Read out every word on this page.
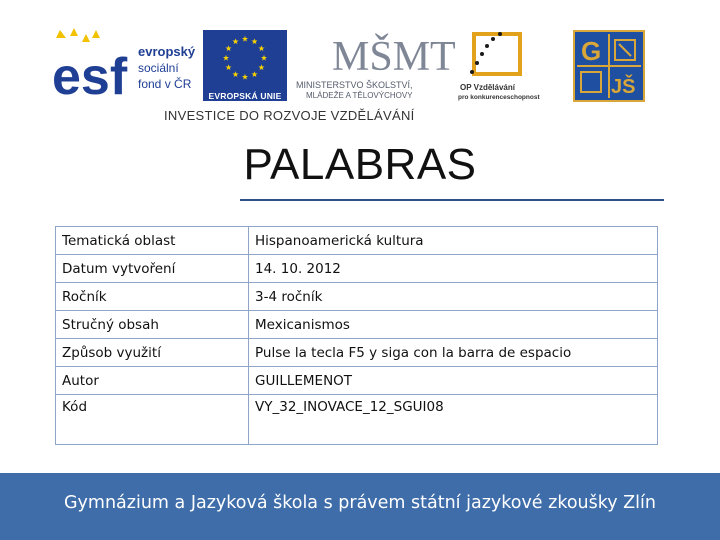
esf evropský
sociální
fond v ČR
EVROPSKÁ UNIE
MŠMT
MINISTERSTVO ŠKOLSTVÍ,
MLÁDEŽE A TĚLOVÝCHOVY
OP Vzdělávání
pro konkurenceschopnost
G
JŠ
INVESTICE DO ROZVOJE VZDĚLÁVÁNÍ
PALABRAS
Tematická oblast	Hispanoamerická kultura
Datum vytvoření	14. 10. 2012
Ročník	3-4 ročník
Stručný obsah	Mexicanismos
Způsob využití	Pulse la tecla F5 y siga con la barra de espacio
Autor	GUILLEMENOT
Kód	VY_32_INOVACE_12_SGUI08
Gymnázium a Jazyková škola s právem státní jazykové zkoušky Zlín
